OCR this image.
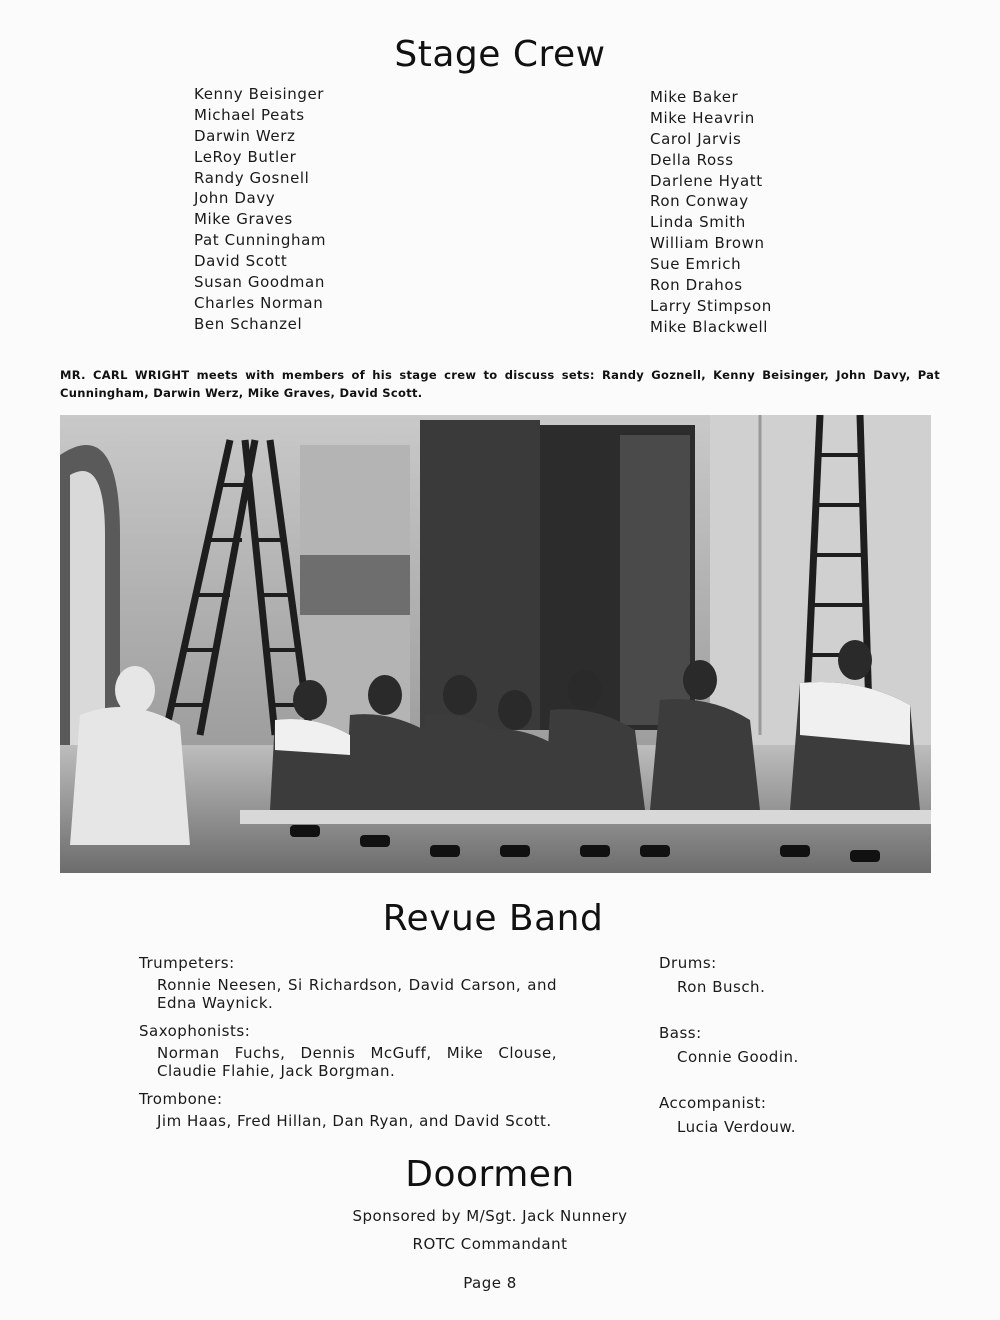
Stage Crew
Kenny Beisinger
Michael Peats
Darwin Werz
LeRoy Butler
Randy Gosnell
John Davy
Mike Graves
Pat Cunningham
David Scott
Susan Goodman
Charles Norman
Ben Schanzel
Mike Baker
Mike Heavrin
Carol Jarvis
Della Ross
Darlene Hyatt
Ron Conway
Linda Smith
William Brown
Sue Emrich
Ron Drahos
Larry Stimpson
Mike Blackwell
MR. CARL WRIGHT meets with members of his stage crew to discuss sets: Randy Goznell, Kenny Beisinger, John Davy, Pat Cunningham, Darwin Werz, Mike Graves, David Scott.
Revue Band
Trumpeters:
Ronnie Neesen, Si Richardson, David Carson, and Edna Waynick.
Saxophonists:
Norman Fuchs, Dennis McGuff, Mike Clouse, Claudie Flahie, Jack Borgman.
Trombone:
Jim Haas, Fred Hillan, Dan Ryan, and David Scott.
Drums:
Ron Busch.
Bass:
Connie Goodin.
Accompanist:
Lucia Verdouw.
Doormen
Sponsored by M/Sgt. Jack Nunnery
ROTC Commandant
Page 8
